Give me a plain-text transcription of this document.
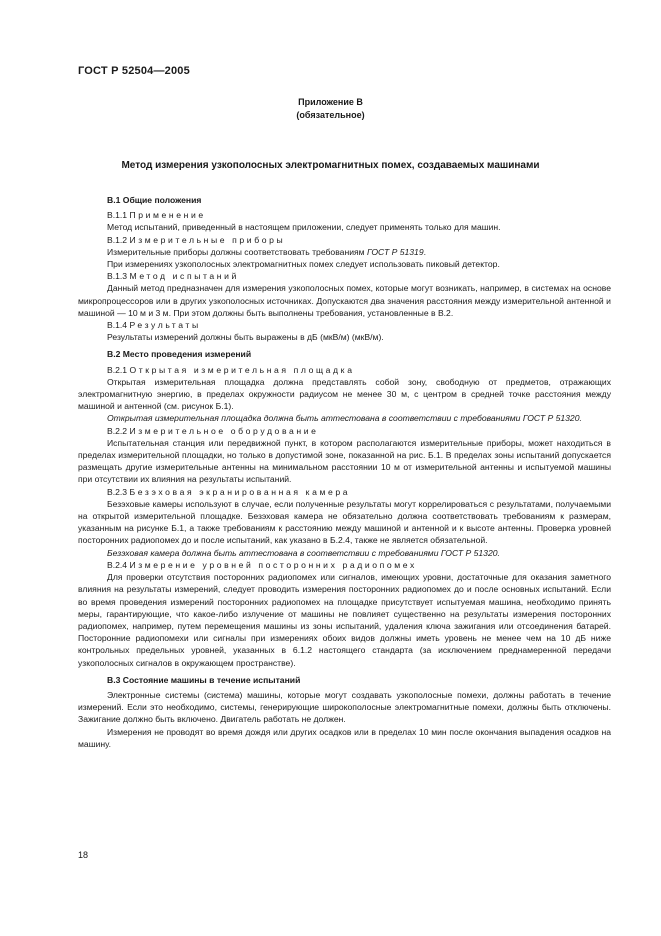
ГОСТ Р 52504—2005
Приложение В
(обязательное)
Метод измерения узкополосных электромагнитных помех, создаваемых машинами

В.1 Общие положения

В.1.1 Применение

Метод испытаний, приведенный в настоящем приложении, следует применять только для машин.

В.1.2 Измерительные приборы

Измерительные приборы должны соответствовать требованиям ГОСТ Р 51319.

При измерениях узкополосных электромагнитных помех следует использовать пиковый детектор.

В.1.3 Метод испытаний

Данный метод предназначен для измерения узкополосных помех, которые могут возникать, например, в системах на основе микропроцессоров или в других узкополосных источниках. Допускаются два значения расстояния между измерительной антенной и машиной — 10 м и 3 м. При этом должны быть выполнены требования, установленные в В.2.

В.1.4 Результаты

Результаты измерений должны быть выражены в дБ (мкВ/м) (мкВ/м).

В.2 Место проведения измерений

В.2.1 Открытая измерительная площадка

Открытая измерительная площадка должна представлять собой зону, свободную от предметов, отражающих электромагнитную энергию, в пределах окружности радиусом не менее 30 м, с центром в средней точке расстояния между машиной и антенной (см. рисунок Б.1).

Открытая измерительная площадка должна быть аттестована в соответствии с требованиями ГОСТ Р 51320.

В.2.2 Измерительное оборудование

Испытательная станция или передвижной пункт, в котором располагаются измерительные приборы, может находиться в пределах измерительной площадки, но только в допустимой зоне, показанной на рис. Б.1. В пределах зоны испытаний допускается размещать другие измерительные антенны на минимальном расстоянии 10 м от измерительной антенны и испытуемой машины при отсутствии их влияния на результаты испытаний.

В.2.3 Безэховая экранированная камера

Безэховые камеры используют в случае, если полученные результаты могут коррелироваться с результатами, получаемыми на открытой измерительной площадке. Безэховая камера не обязательно должна соответствовать требованиям к размерам, указанным на рисунке Б.1, а также требованиям к расстоянию между машиной и антенной и к высоте антенны. Проверка уровней посторонних радиопомех до и после испытаний, как указано в Б.2.4, также не является обязательной.

Безэховая камера должна быть аттестована в соответствии с требованиями ГОСТ Р 51320.

В.2.4 Измерение уровней посторонних радиопомех

Для проверки отсутствия посторонних радиопомех или сигналов, имеющих уровни, достаточные для оказания заметного влияния на результаты измерений, следует проводить измерения посторонних радиопомех до и после основных испытаний. Если во время проведения измерений посторонних радиопомех на площадке присутствует испытуемая машина, необходимо принять меры, гарантирующие, что какое-либо излучение от машины не повлияет существенно на результаты измерения посторонних радиопомех, например, путем перемещения машины из зоны испытаний, удаления ключа зажигания или отсоединения батарей. Посторонние радиопомехи или сигналы при измерениях обоих видов должны иметь уровень не менее чем на 10 дБ ниже контрольных предельных уровней, указанных в 6.1.2 настоящего стандарта (за исключением преднамеренной передачи узкополосных сигналов в окружающем пространстве).

В.3 Состояние машины в течение испытаний

Электронные системы (система) машины, которые могут создавать узкополосные помехи, должны работать в течение измерений. Если это необходимо, системы, генерирующие широкополосные электромагнитные помехи, должны быть отключены. Зажигание должно быть включено. Двигатель работать не должен.

Измерения не проводят во время дождя или других осадков или в пределах 10 мин после окончания выпадения осадков на машину.

18
